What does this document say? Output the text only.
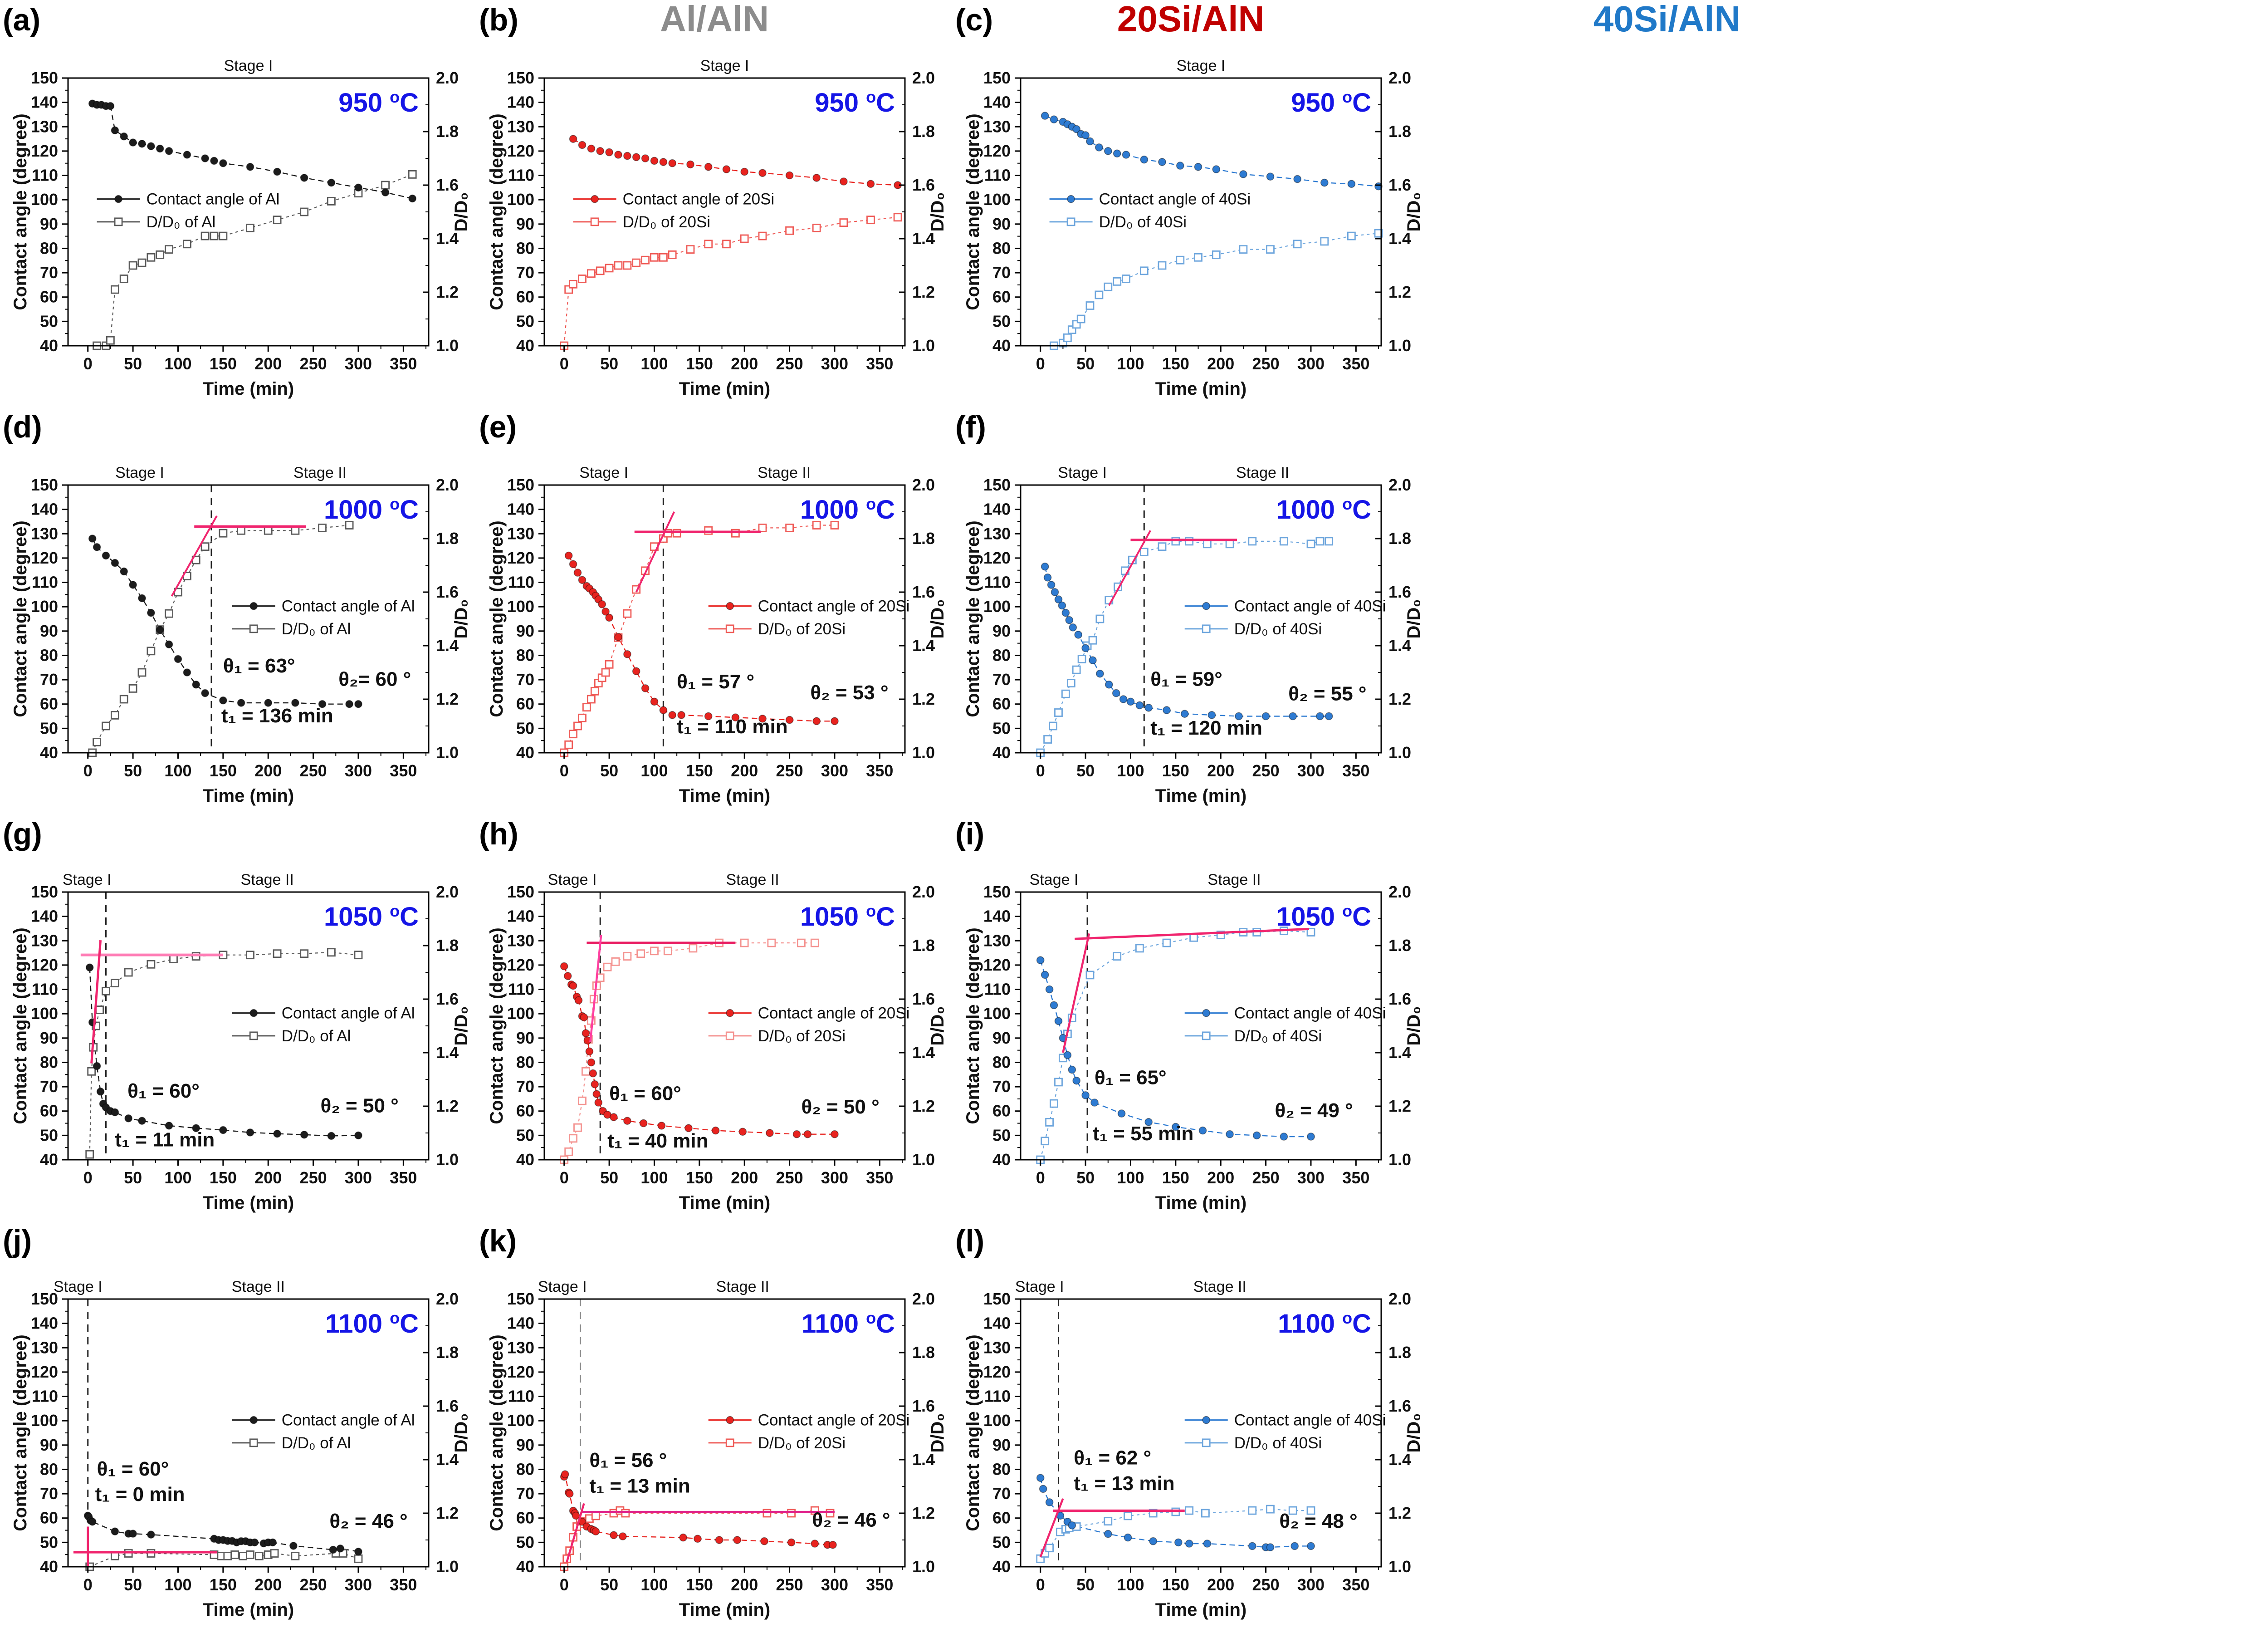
Al/AlN	20Si/AlN	40Si/AlN
0 50 100 150 200 250 300 350
40
50
60
70
80
90
100
110
120
130
140
150
1.0
1.2
1.4
1.6
1.8
2.0
Contact angle (degree)	D/D₀
Time (min)
Stage I
950 $^o$C
Contact angle of Al
D/D₀ of Al
(a)
0 50 100 150 200 250 300 350
40
50
60
70
80
90
100
110
120
130
140
150
1.0
1.2
1.4
1.6
1.8
2.0
Contact angle (degree)	D/D₀
Time (min)
Stage I
950 $^o$C
Contact angle of 20Si
D/D₀ of 20Si
(b)
0 50 100 150 200 250 300 350
40
50
60
70
80
90
100
110
120
130
140
150
1.0
1.2
1.4
1.6
1.8
2.0
Contact angle (degree)	D/D₀
Time (min)
Stage I
950 $^o$C
Contact angle of 40Si
D/D₀ of 40Si
(c)
0 50 100 150 200 250 300 350
40
50
60
70
80
90
100
110
120
130
140
150
1.0
1.2
1.4
1.6
1.8
2.0
Contact angle (degree)	D/D₀
Time (min)
Stage I	Stage II
1000 $^o$C
Contact angle of Al
D/D₀ of Al
θ₁ = 63°
t₁ = 136 min
θ₂= 60 °
(d)
0 50 100 150 200 250 300 350
40
50
60
70
80
90
100
110
120
130
140
150
1.0
1.2
1.4
1.6
1.8
2.0
Contact angle (degree)	D/D₀
Time (min)
Stage I	Stage II
1000 $^o$C
Contact angle of 20Si
D/D₀ of 20Si
θ₁ = 57 °
t₁ = 110 min
θ₂ = 53 °
(e)
0 50 100 150 200 250 300 350
40
50
60
70
80
90
100
110
120
130
140
150
1.0
1.2
1.4
1.6
1.8
2.0
Contact angle (degree)	D/D₀
Time (min)
Stage I	Stage II
1000 $^o$C
Contact angle of 40Si
D/D₀ of 40Si
θ₁ = 59°
t₁ = 120 min
θ₂ = 55 °
(f)
0 50 100 150 200 250 300 350
40
50
60
70
80
90
100
110
120
130
140
150
1.0
1.2
1.4
1.6
1.8
2.0
Contact angle (degree)	D/D₀
Time (min)
Stage I	Stage II
1050 $^o$C
Contact angle of Al
D/D₀ of Al
θ₁ = 60°
t₁ = 11 min
θ₂ = 50 °
(g)
0 50 100 150 200 250 300 350
40
50
60
70
80
90
100
110
120
130
140
150
1.0
1.2
1.4
1.6
1.8
2.0
Contact angle (degree)	D/D₀
Time (min)
Stage I	Stage II
1050 $^o$C
Contact angle of 20Si
D/D₀ of 20Si
θ₁ = 60°
t₁ = 40 min
θ₂ = 50 °
(h)
0 50 100 150 200 250 300 350
40
50
60
70
80
90
100
110
120
130
140
150
1.0
1.2
1.4
1.6
1.8
2.0
Contact angle (degree)	D/D₀
Time (min)
Stage I	Stage II
1050 $^o$C
Contact angle of 40Si
D/D₀ of 40Si
θ₁ = 65°
t₁ = 55 min
θ₂ = 49 °
(i)
0 50 100 150 200 250 300 350
40
50
60
70
80
90
100
110
120
130
140
150
1.0
1.2
1.4
1.6
1.8
2.0
Contact angle (degree)	D/D₀
Time (min)
Stage I	Stage II
1100 $^o$C
Contact angle of Al
D/D₀ of Al
θ₁ = 60°
t₁ = 0 min
θ₂ = 46 °
(j)
0 50 100 150 200 250 300 350
40
50
60
70
80
90
100
110
120
130
140
150
1.0
1.2
1.4
1.6
1.8
2.0
Contact angle (degree)	D/D₀
Time (min)
Stage I	Stage II
1100 $^o$C
Contact angle of 20Si
D/D₀ of 20Si
θ₁ = 56 °
t₁ = 13 min
θ₂ = 46 °
(k)
0 50 100 150 200 250 300 350
40
50
60
70
80
90
100
110
120
130
140
150
1.0
1.2
1.4
1.6
1.8
2.0
Contact angle (degree)	D/D₀
Time (min)
Stage I	Stage II
1100 $^o$C
Contact angle of 40Si
D/D₀ of 40Si
θ₁ = 62 °
t₁ = 13 min
θ₂ = 48 °
(l)
